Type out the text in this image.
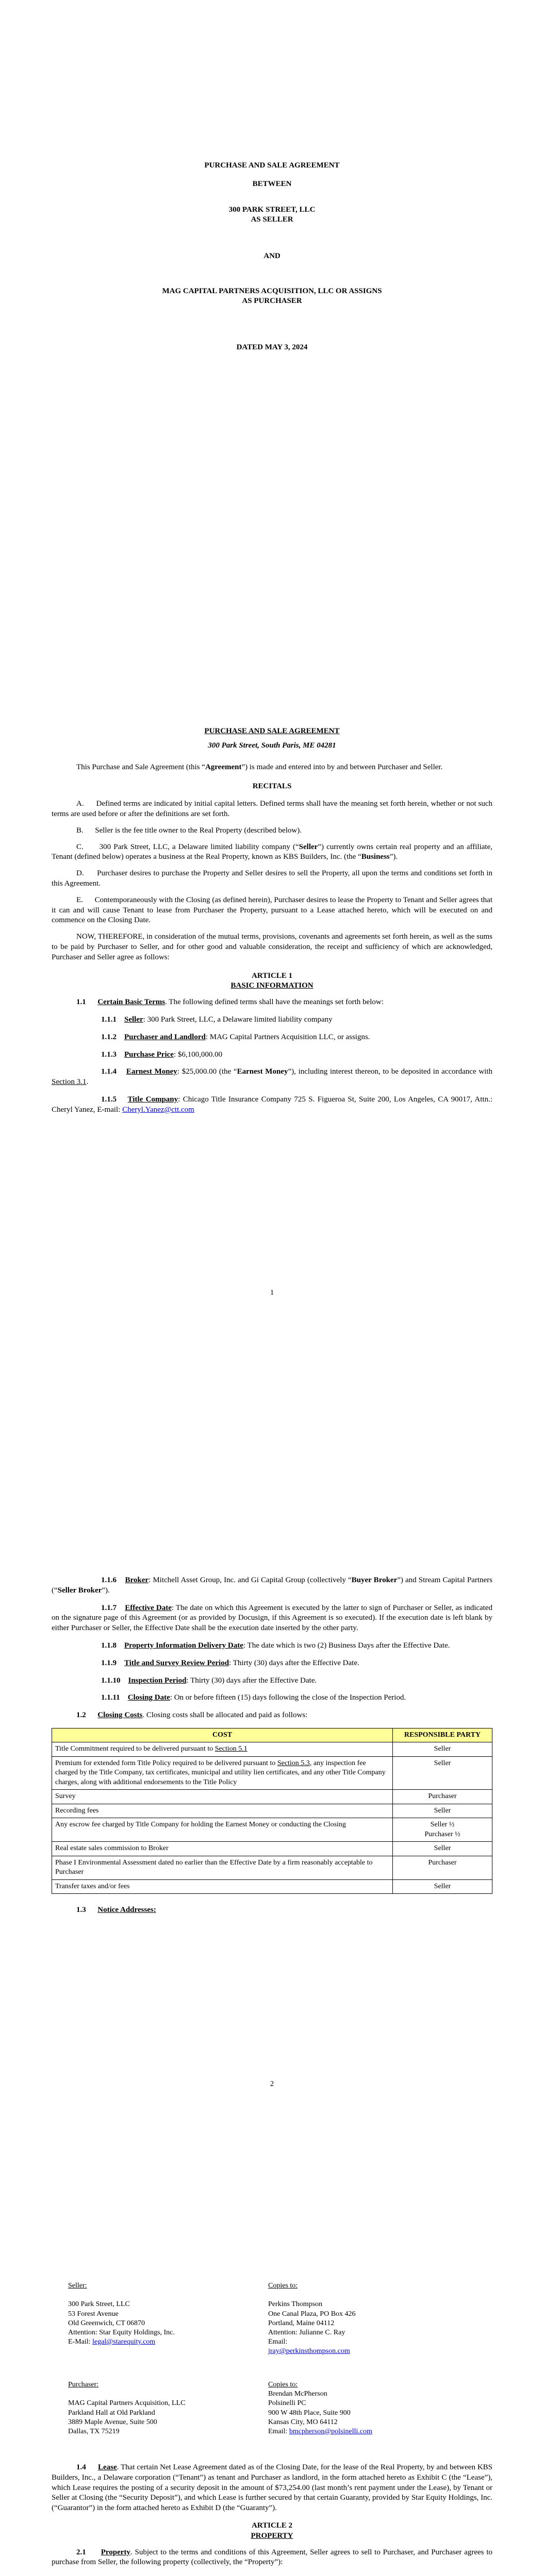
PURCHASE AND SALE AGREEMENT
BETWEEN
300 PARK STREET, LLC
AS SELLER
AND
MAG CAPITAL PARTNERS ACQUISITION, LLC OR ASSIGNS
AS PURCHASER
DATED MAY 3, 2024
PURCHASE AND SALE AGREEMENT
300 Park Street, South Paris, ME 04281

This Purchase and Sale Agreement (this “Agreement”) is made and entered into by and between Purchaser and Seller.

RECITALS

A.      Defined terms are indicated by initial capital letters. Defined terms shall have the meaning set forth herein, whether or not such terms are used before or after the definitions are set forth.

B.      Seller is the fee title owner to the Real Property (described below).

C.      300 Park Street, LLC, a Delaware limited liability company (“Seller”) currently owns certain real property and an affiliate, Tenant (defined below) operates a business at the Real Property, known as KBS Builders, Inc. (the “Business”).

D.      Purchaser desires to purchase the Property and Seller desires to sell the Property, all upon the terms and conditions set forth in this Agreement.

E.      Contemporaneously with the Closing (as defined herein), Purchaser desires to lease the Property to Tenant and Seller agrees that it can and will cause Tenant to lease from Purchaser the Property, pursuant to a Lease attached hereto, which will be executed on and commence on the Closing Date.

NOW, THEREFORE, in consideration of the mutual terms, provisions, covenants and agreements set forth herein, as well as the sums to be paid by Purchaser to Seller, and for other good and valuable consideration, the receipt and sufficiency of which are acknowledged, Purchaser and Seller agree as follows:

ARTICLE 1
BASIC INFORMATION

1.1 Certain Basic Terms. The following defined terms shall have the meanings set forth below:

1.1.1 Seller: 300 Park Street, LLC, a Delaware limited liability company

1.1.2 Purchaser and Landlord: MAG Capital Partners Acquisition LLC, or assigns.

1.1.3 Purchase Price: $6,100,000.00

1.1.4 Earnest Money: $25,000.00 (the “Earnest Money”), including interest thereon, to be deposited in accordance with Section 3.1.

1.1.5 Title Company: Chicago Title Insurance Company 725 S. Figueroa St, Suite 200, Los Angeles, CA 90017, Attn.: Cheryl Yanez, E-mail: Cheryl.Yanez@ctt.com

1

1.1.6 Broker: Mitchell Asset Group, Inc. and Gi Capital Group (collectively “Buyer Broker”) and Stream Capital Partners (“Seller Broker”).

1.1.7 Effective Date: The date on which this Agreement is executed by the latter to sign of Purchaser or Seller, as indicated on the signature page of this Agreement (or as provided by Docusign, if this Agreement is so executed). If the execution date is left blank by either Purchaser or Seller, the Effective Date shall be the execution date inserted by the other party.

1.1.8 Property Information Delivery Date: The date which is two (2) Business Days after the Effective Date.

1.1.9 Title and Survey Review Period: Thirty (30) days after the Effective Date.

1.1.10 Inspection Period: Thirty (30) days after the Effective Date.

1.1.11 Closing Date: On or before fifteen (15) days following the close of the Inspection Period.

1.2 Closing Costs. Closing costs shall be allocated and paid as follows:

COST	RESPONSIBLE PARTY
Title Commitment required to be delivered pursuant to Section 5.1	Seller
Premium for extended form Title Policy required to be delivered pursuant to Section 5.3, any inspection fee charged by the Title Company, tax certificates, municipal and utility lien certificates, and any other Title Company charges, along with additional endorsements to the Title Policy	Seller
Survey	Purchaser
Recording fees	Seller
Any escrow fee charged by Title Company for holding the Earnest Money or conducting the Closing	Seller ½
Purchaser ½
Real estate sales commission to Broker	Seller
Phase I Environmental Assessment dated no earlier than the Effective Date by a firm reasonably acceptable to Purchaser	Purchaser
Transfer taxes and/or fees	Seller

1.3 Notice Addresses:

2
Seller:

300 Park Street, LLC
53 Forest Avenue
Old Greenwich, CT 06870
Attention: Star Equity Holdings, Inc.
E-Mail: legal@starequity.com
Copies to:

Perkins Thompson
One Canal Plaza, PO Box 426
Portland, Maine 04112
Attention: Julianne C. Ray
Email:
jray@perkinsthompson.com
Purchaser:

MAG Capital Partners Acquisition, LLC
Parkland Hall at Old Parkland
3889 Maple Avenue, Suite 500
Dallas, TX 75219
Copies to:
Brendan McPherson
Polsinelli PC
900 W 48th Place, Suite 900
Kansas City, MO 64112
Email: bmcpherson@polsinelli.com

1.4 Lease. That certain Net Lease Agreement dated as of the Closing Date, for the lease of the Real Property, by and between KBS Builders, Inc., a Delaware corporation (“Tenant”) as tenant and Purchaser as landlord, in the form attached hereto as Exhibit C (the “Lease”), which Lease requires the posting of a security deposit in the amount of $73,254.00 (last month’s rent payment under the Lease), by Tenant or Seller at Closing (the “Security Deposit”), and which Lease is further secured by that certain Guaranty, provided by Star Equity Holdings, Inc. (“Guarantor”) in the form attached hereto as Exhibit D (the “Guaranty”).

ARTICLE 2
PROPERTY

2.1 Property. Subject to the terms and conditions of this Agreement, Seller agrees to sell to Purchaser, and Purchaser agrees to purchase from Seller, the following property (collectively, the “Property”):
